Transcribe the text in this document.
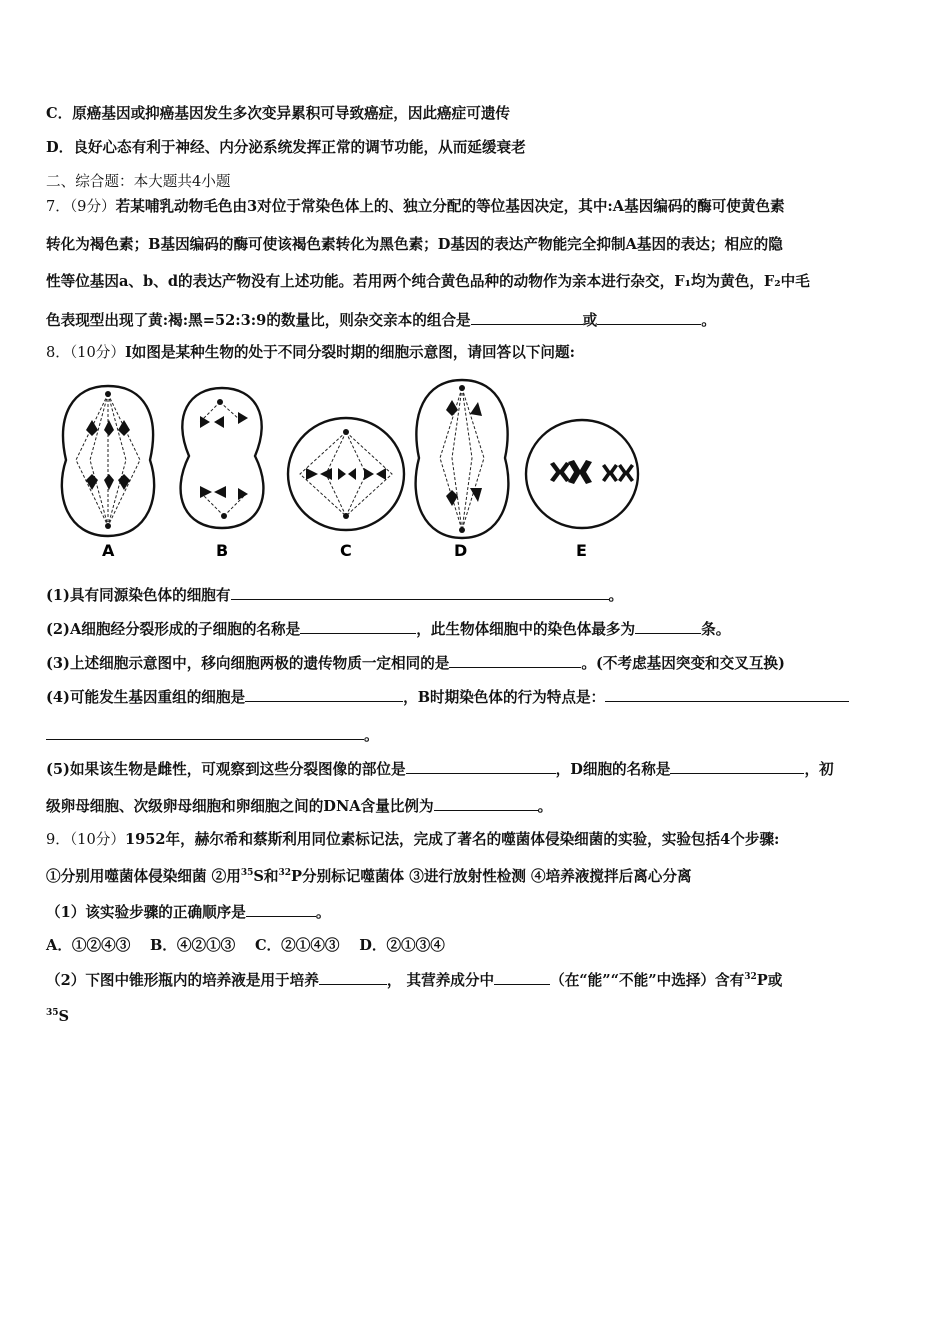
C．原癌基因或抑癌基因发生多次变异累积可导致癌症，因此癌症可遗传
D．良好心态有利于神经、内分泌系统发挥正常的调节功能，从而延缓衰老
二、综合题：本大题共4小题
7．（9分）若某哺乳动物毛色由3对位于常染色体上的、独立分配的等位基因决定，其中:A基因编码的酶可使黄色素
转化为褐色素；B基因编码的酶可使该褐色素转化为黑色素；D基因的表达产物能完全抑制A基因的表达；相应的隐
性等位基因a、b、d的表达产物没有上述功能。若用两个纯合黄色品种的动物作为亲本进行杂交，F₁均为黄色，F₂中毛
色表现型出现了黄:褐:黑=52:3:9的数量比，则杂交亲本的组合是	或	。
8．（10分）I如图是某种生物的处于不同分裂时期的细胞示意图，请回答以下问题:
A	B	C	D	E
(1)具有同源染色体的细胞有	。
(2)A细胞经分裂形成的子细胞的名称是	，此生物体细胞中的染色体最多为	条。
(3)上述细胞示意图中，移向细胞两极的遗传物质一定相同的是	。(不考虑基因突变和交叉互换)
(4)可能发生基因重组的细胞是	，B时期染色体的行为特点是：
。
(5)如果该生物是雌性，可观察到这些分裂图像的部位是	，D细胞的名称是	，初
级卵母细胞、次级卵母细胞和卵细胞之间的DNA含量比例为	。
9．（10分）1952年，赫尔希和蔡斯利用同位素标记法，完成了著名的噬菌体侵染细菌的实验，实验包括4个步骤:
①分别用噬菌体侵染细菌 ②用$^{35}$S和$^{32}$P分别标记噬菌体 ③进行放射性检测 ④培养液搅拌后离心分离
（1）该实验步骤的正确顺序是	。
A．①②④③　 B．④②①③　 C．②①④③　 D．②①③④
（2）下图中锥形瓶内的培养液是用于培养	， 其营养成分中	（在“能”“不能”中选择）含有$^{32}$P或
$^{35}$S
